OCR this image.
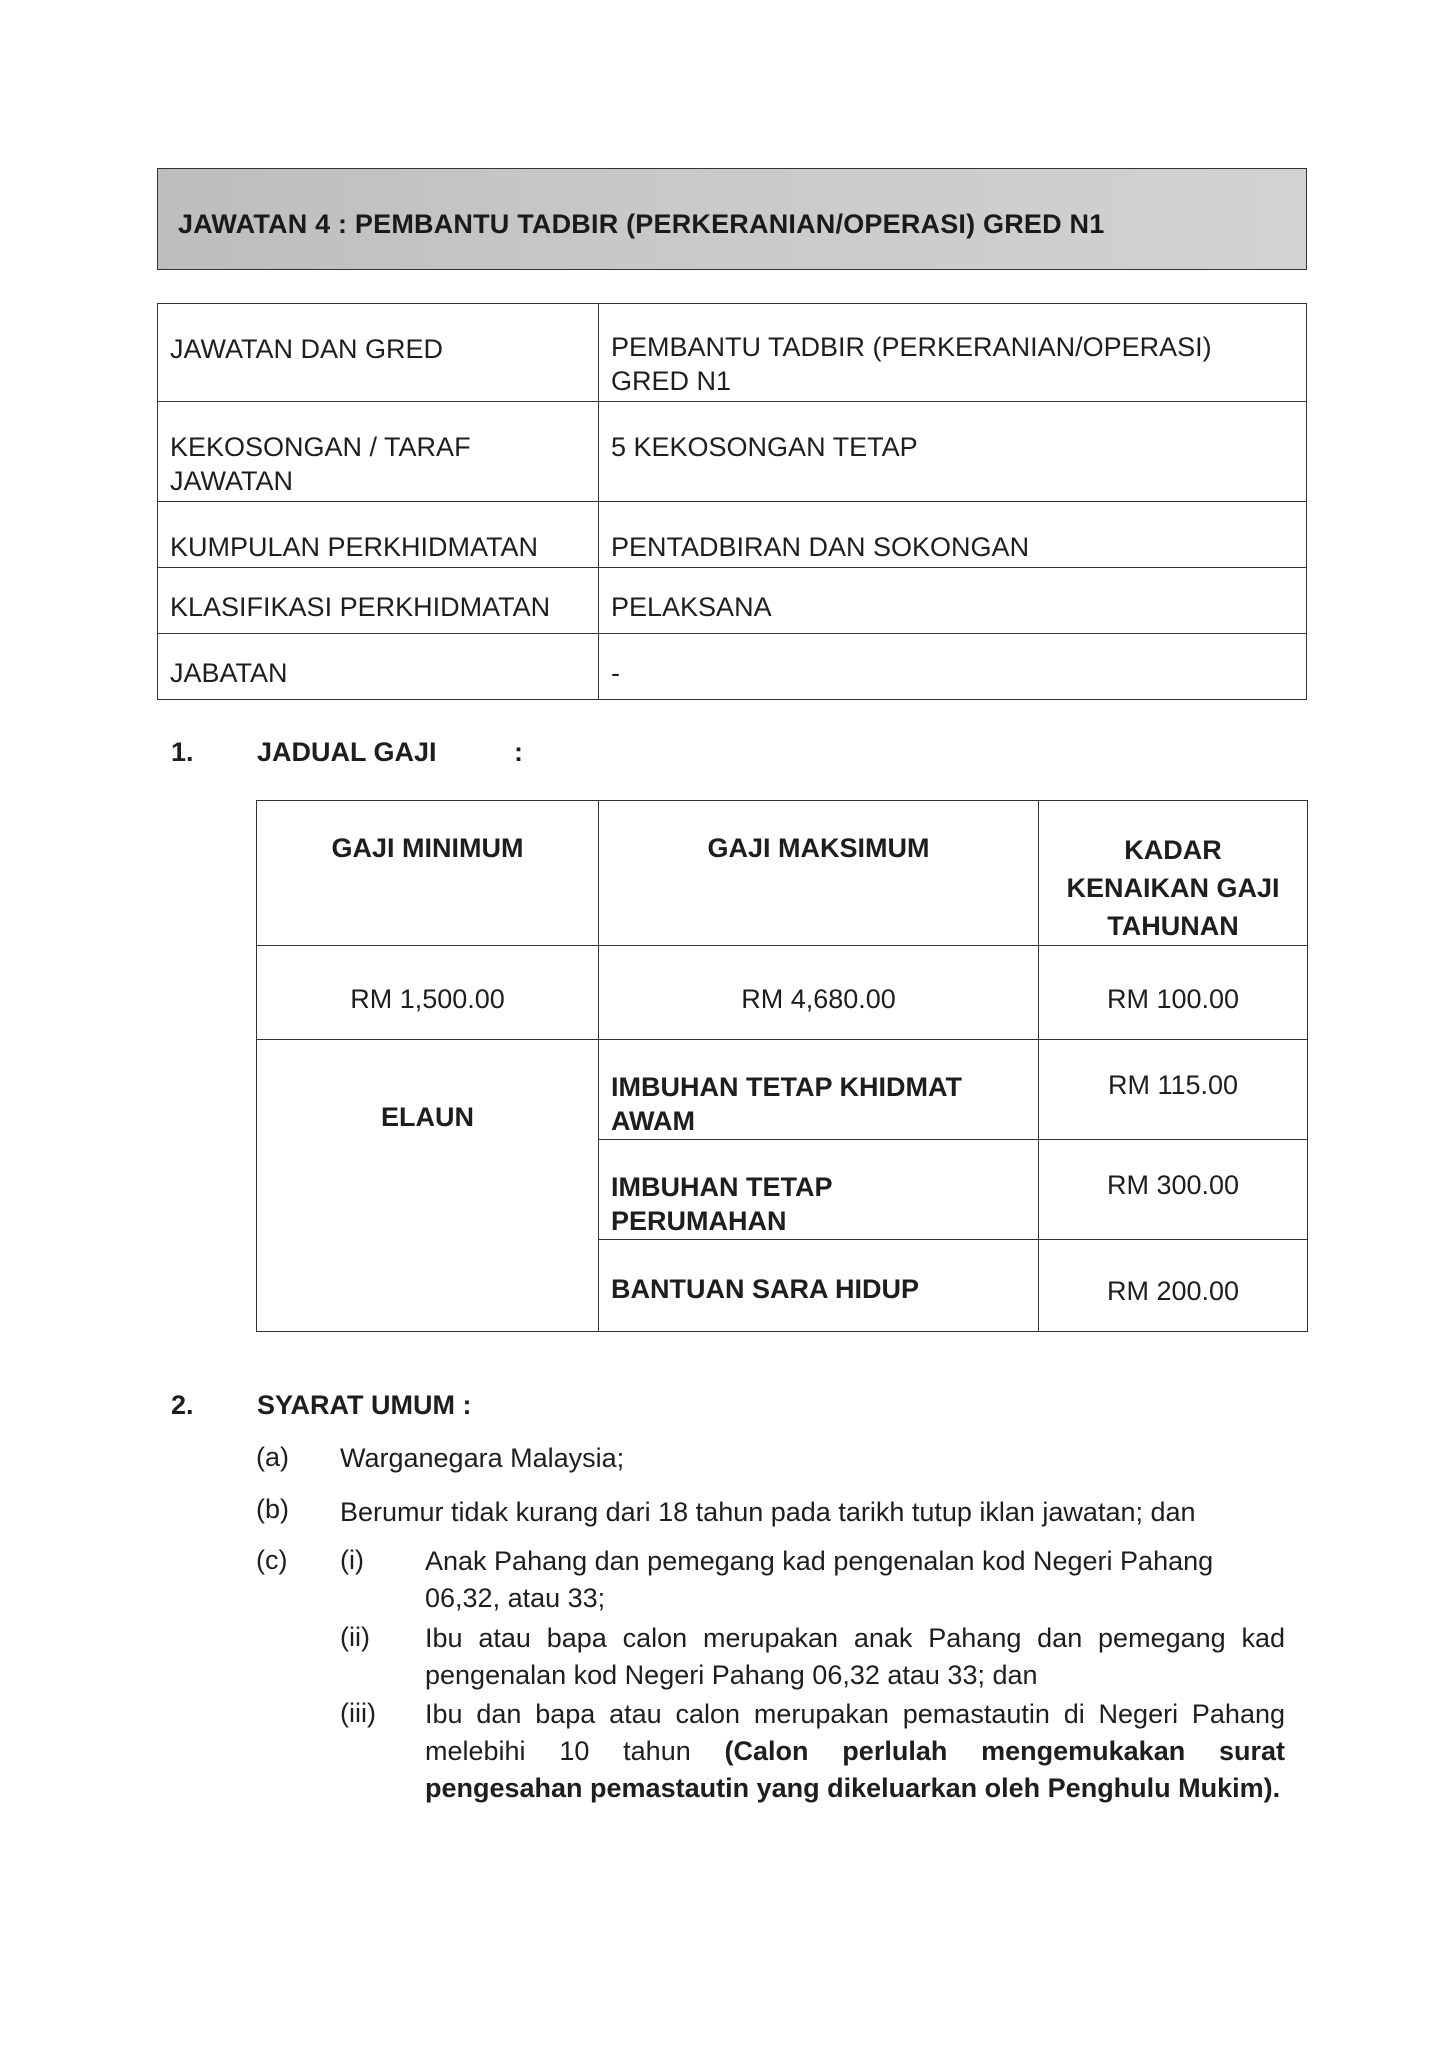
JAWATAN 4 : PEMBANTU TADBIR (PERKERANIAN/OPERASI) GRED N1
JAWATAN DAN GRED	PEMBANTU TADBIR (PERKERANIAN/OPERASI) GRED N1
KEKOSONGAN / TARAF JAWATAN	5 KEKOSONGAN TETAP
KUMPULAN PERKHIDMATAN	PENTADBIRAN DAN SOKONGAN
KLASIFIKASI PERKHIDMATAN	PELAKSANA
JABATAN	-
1. JADUAL GAJI	:
GAJI MINIMUM	GAJI MAKSIMUM	KADAR KENAIKAN GAJI TAHUNAN
RM 1,500.00	RM 4,680.00	RM 100.00
ELAUN	IMBUHAN TETAP KHIDMAT AWAM	RM 115.00
	IMBUHAN TETAP PERUMAHAN	RM 300.00
	BANTUAN SARA HIDUP	RM 200.00
2. SYARAT UMUM :
(a) Warganegara Malaysia;
(b) Berumur tidak kurang dari 18 tahun pada tarikh tutup iklan jawatan; dan
(c) (i) Anak Pahang dan pemegang kad pengenalan kod Negeri Pahang 06,32, atau 33;
(ii) Ibu atau bapa calon merupakan anak Pahang dan pemegang kad pengenalan kod Negeri Pahang 06,32 atau 33; dan
(iii) Ibu dan bapa atau calon merupakan pemastautin di Negeri Pahang melebihi 10 tahun (Calon perlulah mengemukakan surat pengesahan pemastautin yang dikeluarkan oleh Penghulu Mukim).
